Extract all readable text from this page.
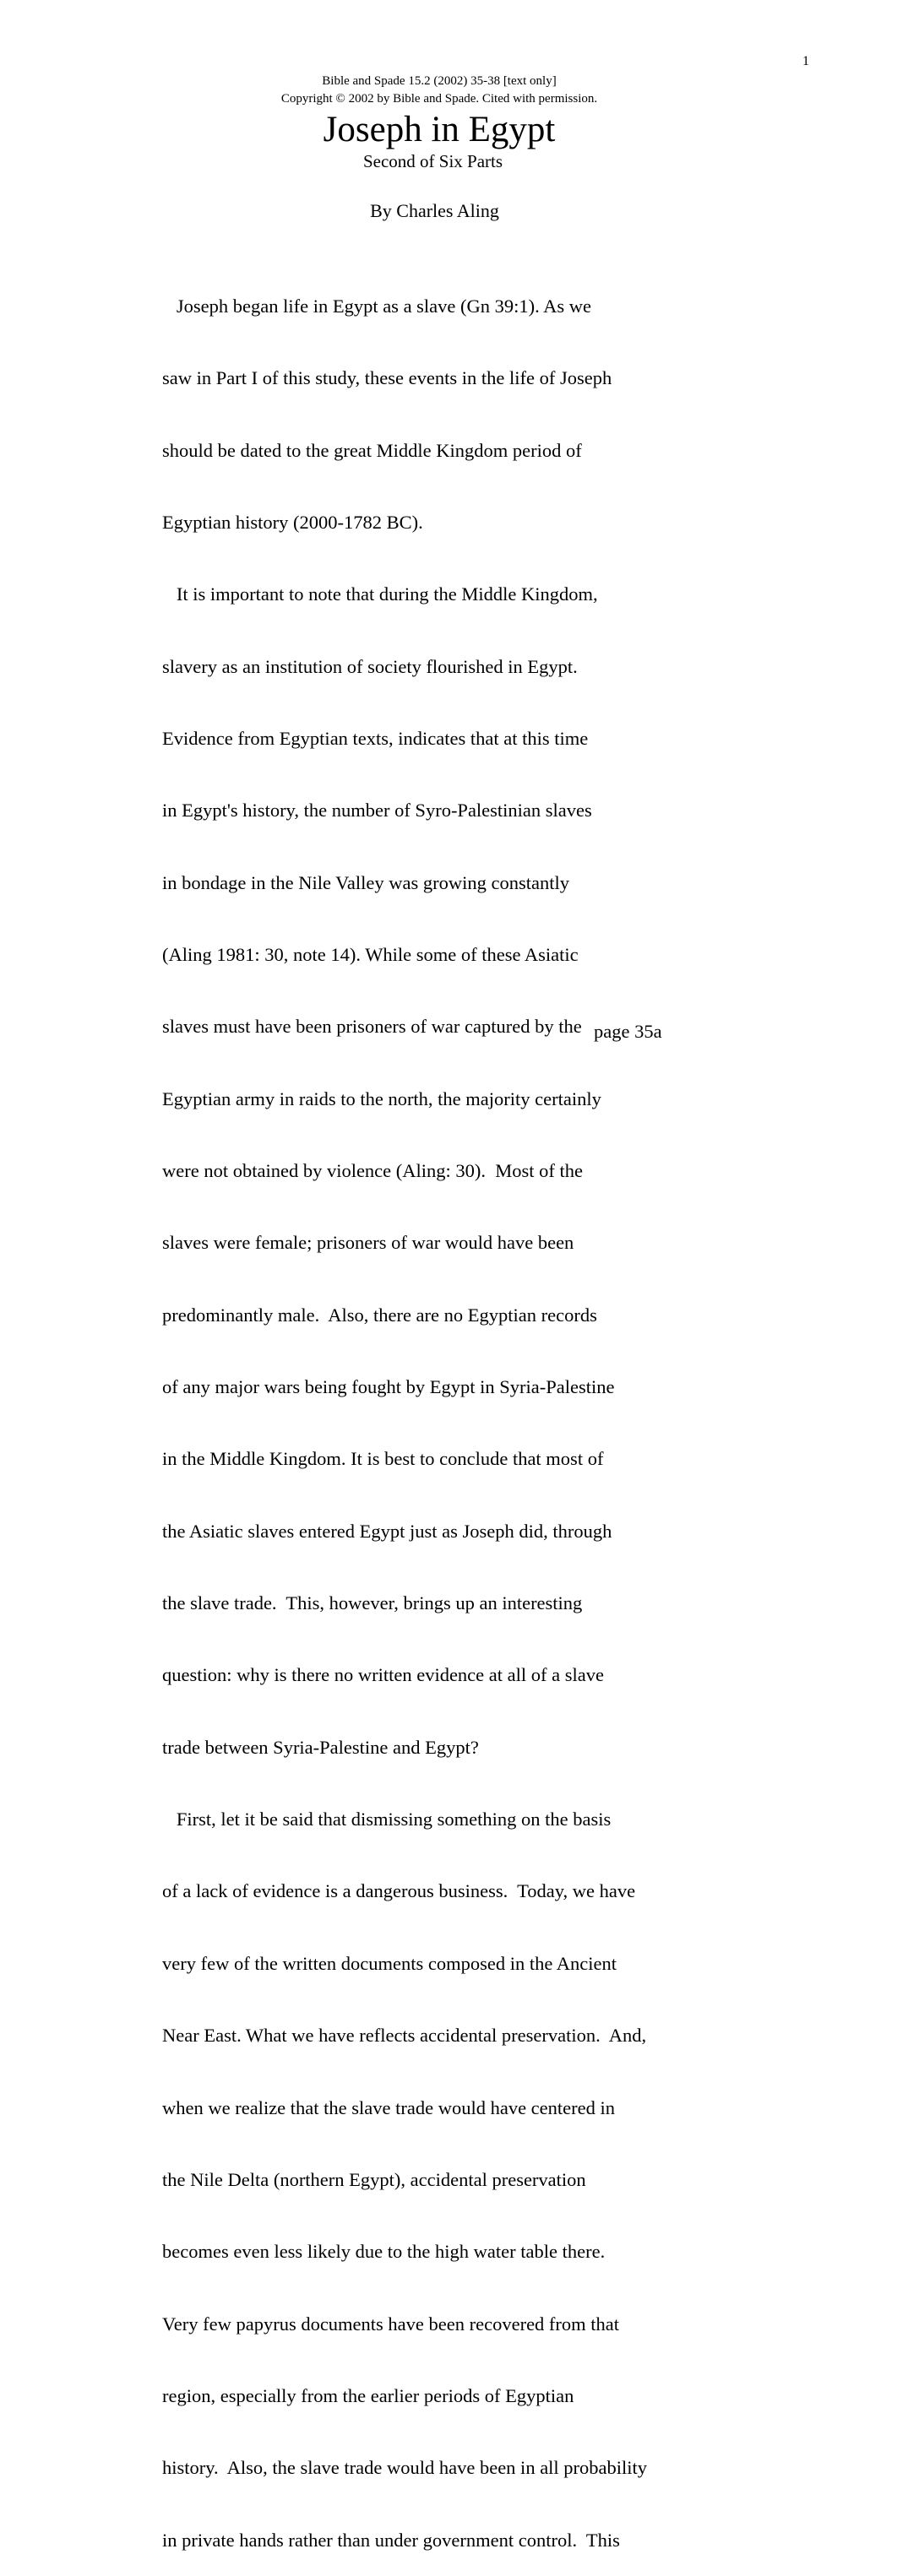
1
Bible and Spade 15.2 (2002) 35-38 [text only]
Copyright © 2002 by Bible and Spade. Cited with permission.
Joseph in Egypt
Second of Six Parts
By Charles Aling

Joseph began life in Egypt as a slave (Gn 39:1). As we

saw in Part I of this study, these events in the life of Joseph

should be dated to the great Middle Kingdom period of

Egyptian history (2000-1782 BC).

It is important to note that during the Middle Kingdom,

slavery as an institution of society flourished in Egypt.

Evidence from Egyptian texts, indicates that at this time

in Egypt's history, the number of Syro-Palestinian slaves

in bondage in the Nile Valley was growing constantly

(Aling 1981: 30, note 14). While some of these Asiatic

slaves must have been prisoners of war captured by the

Egyptian army in raids to the north, the majority certainly

were not obtained by violence (Aling: 30).  Most of the

slaves were female; prisoners of war would have been

predominantly male.  Also, there are no Egyptian records

of any major wars being fought by Egypt in Syria-Palestine

in the Middle Kingdom. It is best to conclude that most of

the Asiatic slaves entered Egypt just as Joseph did, through

the slave trade.  This, however, brings up an interesting

question: why is there no written evidence at all of a slave

trade between Syria-Palestine and Egypt?

First, let it be said that dismissing something on the basis

of a lack of evidence is a dangerous business.  Today, we have

very few of the written documents composed in the Ancient

Near East. What we have reflects accidental preservation.  And,

when we realize that the slave trade would have centered in

the Nile Delta (northern Egypt), accidental preservation

becomes even less likely due to the high water table there.

Very few papyrus documents have been recovered from that

region, especially from the earlier periods of Egyptian

history.  Also, the slave trade would have been in all probability

in private hands rather than under government control.  This

page 35a
